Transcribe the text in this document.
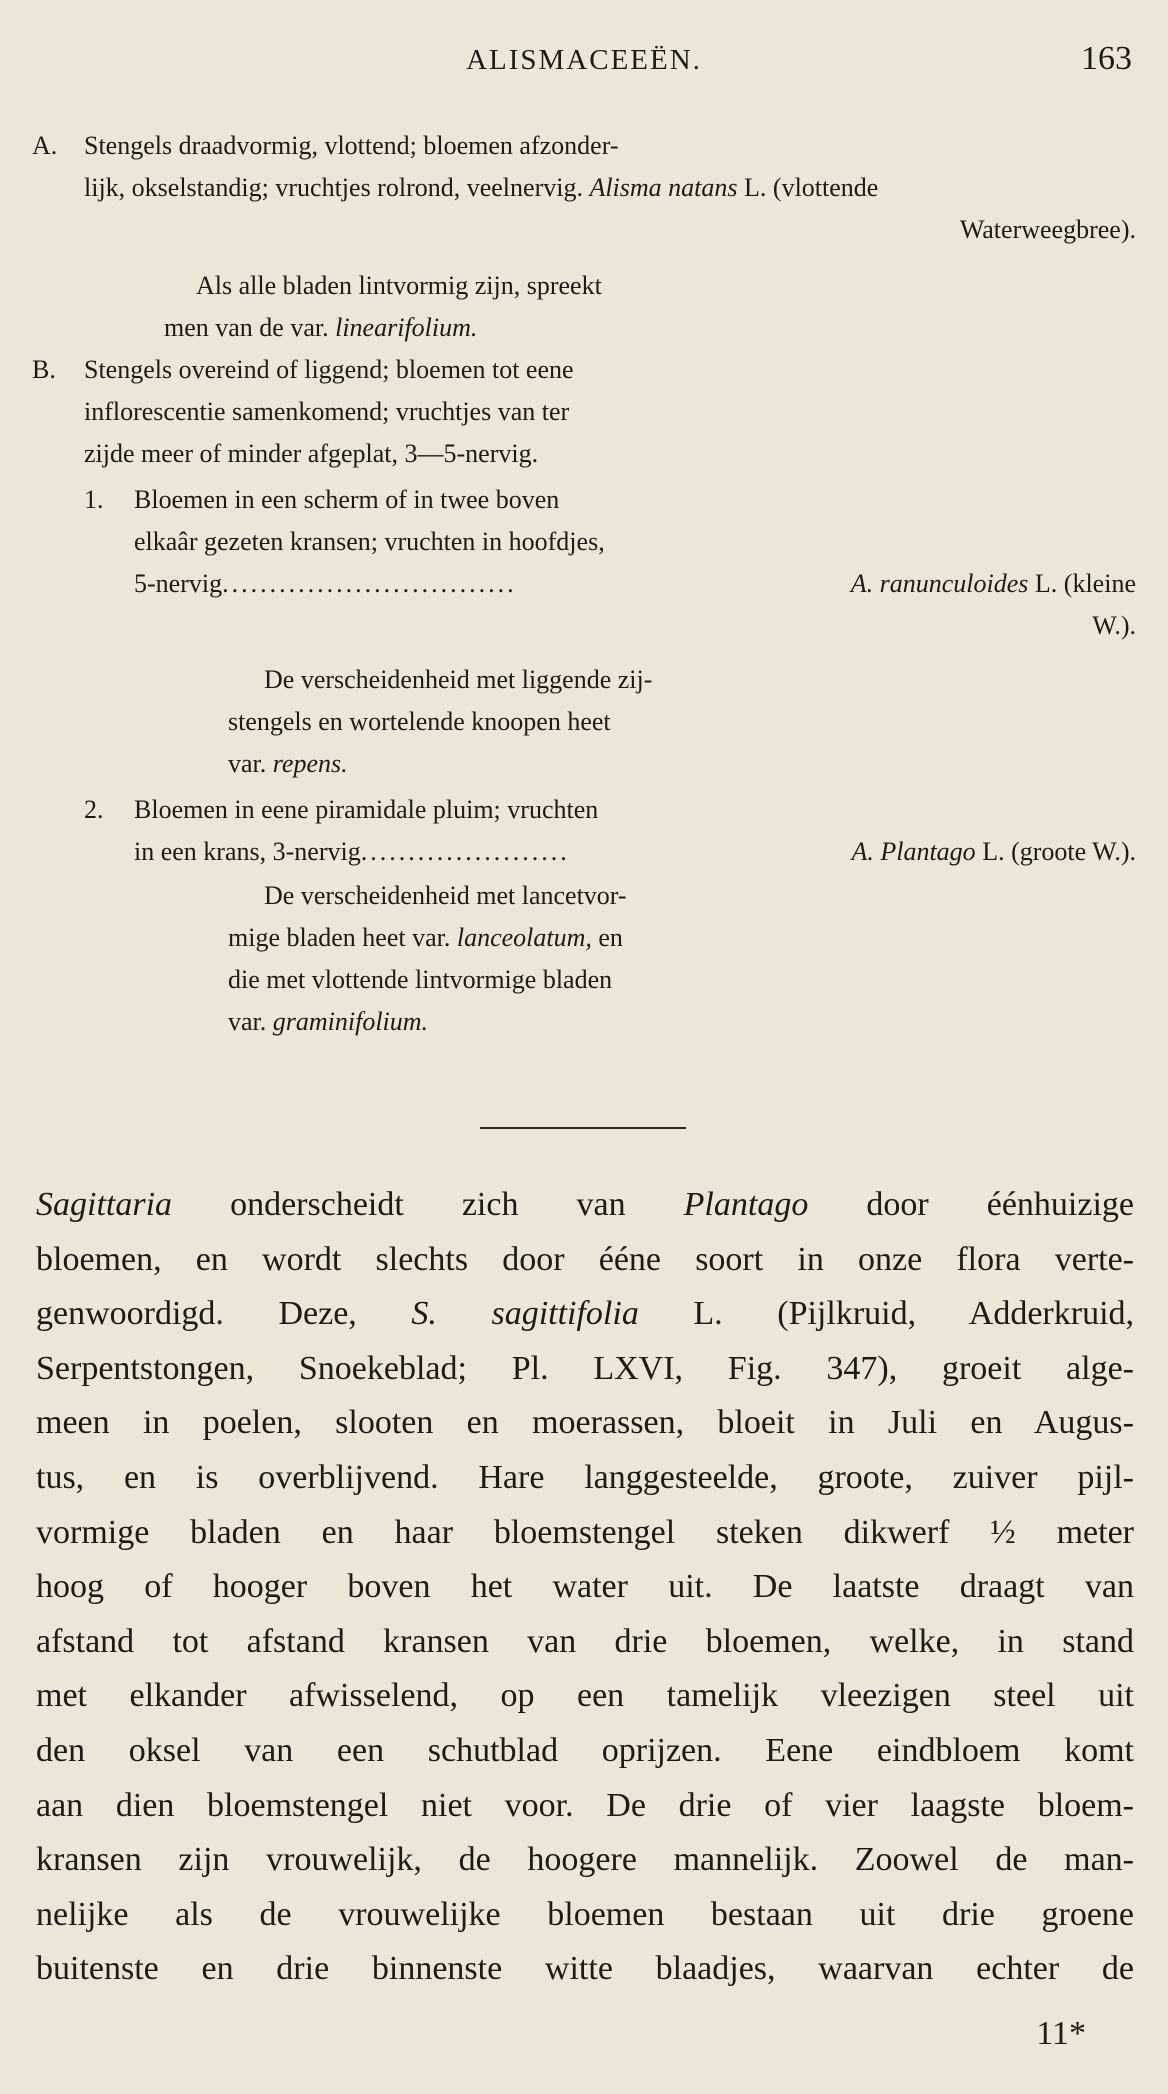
ALISMACEEËN.	163
A. Stengels draadvormig, vlottend; bloemen afzonder-
lijk, okselstandig; vruchtjes rolrond, veelnervig. Alisma natans L. (vlottende
Waterweegbree).
Als alle bladen lintvormig zijn, spreekt
men van de var. linearifolium.
B. Stengels overeind of liggend; bloemen tot eene
inflorescentie samenkomend; vruchtjes van ter
zijde meer of minder afgeplat, 3—5-nervig.
1. Bloemen in een scherm of in twee boven
elkaâr gezeten kransen; vruchten in hoofdjes,
5-nervig...............................	A. ranunculoides L. (kleine
W.).
De verscheidenheid met liggende zij-
stengels en wortelende knoopen heet
var. repens.
2. Bloemen in eene piramidale pluim; vruchten
in een krans, 3-nervig......................	A. Plantago L. (groote W.).
De verscheidenheid met lancetvor-
mige bladen heet var. lanceolatum, en
die met vlottende lintvormige bladen
var. graminifolium.
Sagittaria onderscheidt zich van Plantago door éénhuizige
bloemen, en wordt slechts door ééne soort in onze flora verte-
genwoordigd. Deze, S. sagittifolia L. (Pijlkruid, Adderkruid,
Serpentstongen, Snoekeblad; Pl. LXVI, Fig. 347), groeit alge-
meen in poelen, slooten en moerassen, bloeit in Juli en Augus-
tus, en is overblijvend. Hare langgesteelde, groote, zuiver pijl-
vormige bladen en haar bloemstengel steken dikwerf ½ meter
hoog of hooger boven het water uit. De laatste draagt van
afstand tot afstand kransen van drie bloemen, welke, in stand
met elkander afwisselend, op een tamelijk vleezigen steel uit
den oksel van een schutblad oprijzen. Eene eindbloem komt
aan dien bloemstengel niet voor. De drie of vier laagste bloem-
kransen zijn vrouwelijk, de hoogere mannelijk. Zoowel de man-
nelijke als de vrouwelijke bloemen bestaan uit drie groene
buitenste en drie binnenste witte blaadjes, waarvan echter de
11*
